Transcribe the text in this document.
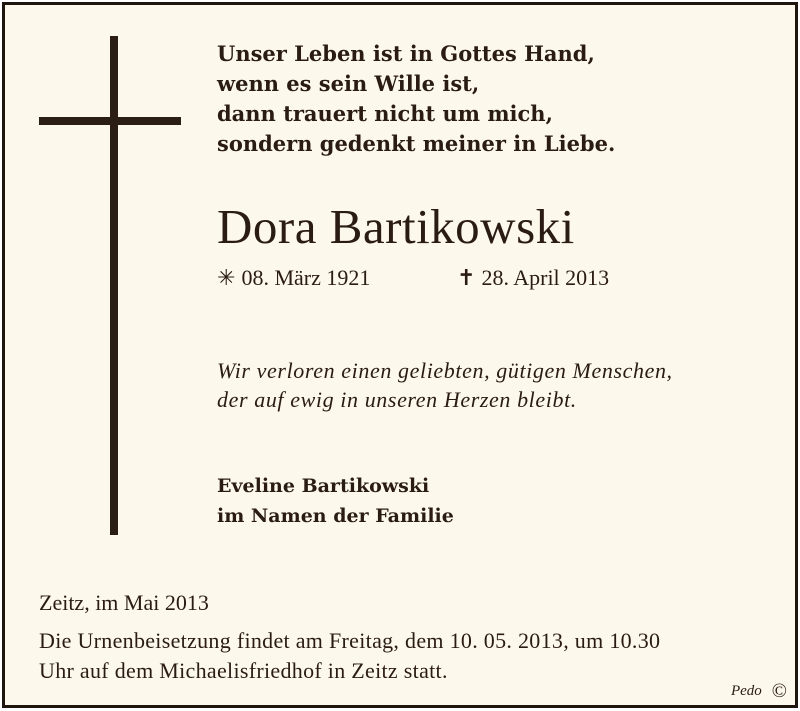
Unser Leben ist in Gottes Hand,
wenn es sein Wille ist,
dann trauert nicht um mich,
sondern gedenkt meiner in Liebe.
Dora Bartikowski
✳ 08. März 1921	✝ 28. April 2013
Wir verloren einen geliebten, gütigen Menschen,
der auf ewig in unseren Herzen bleibt.
Eveline Bartikowski
im Namen der Familie
Zeitz, im Mai 2013
Die Urnenbeisetzung findet am Freitag, dem 10. 05. 2013, um 10.30
Uhr auf dem Michaelisfriedhof in Zeitz statt.
Pedo ©
